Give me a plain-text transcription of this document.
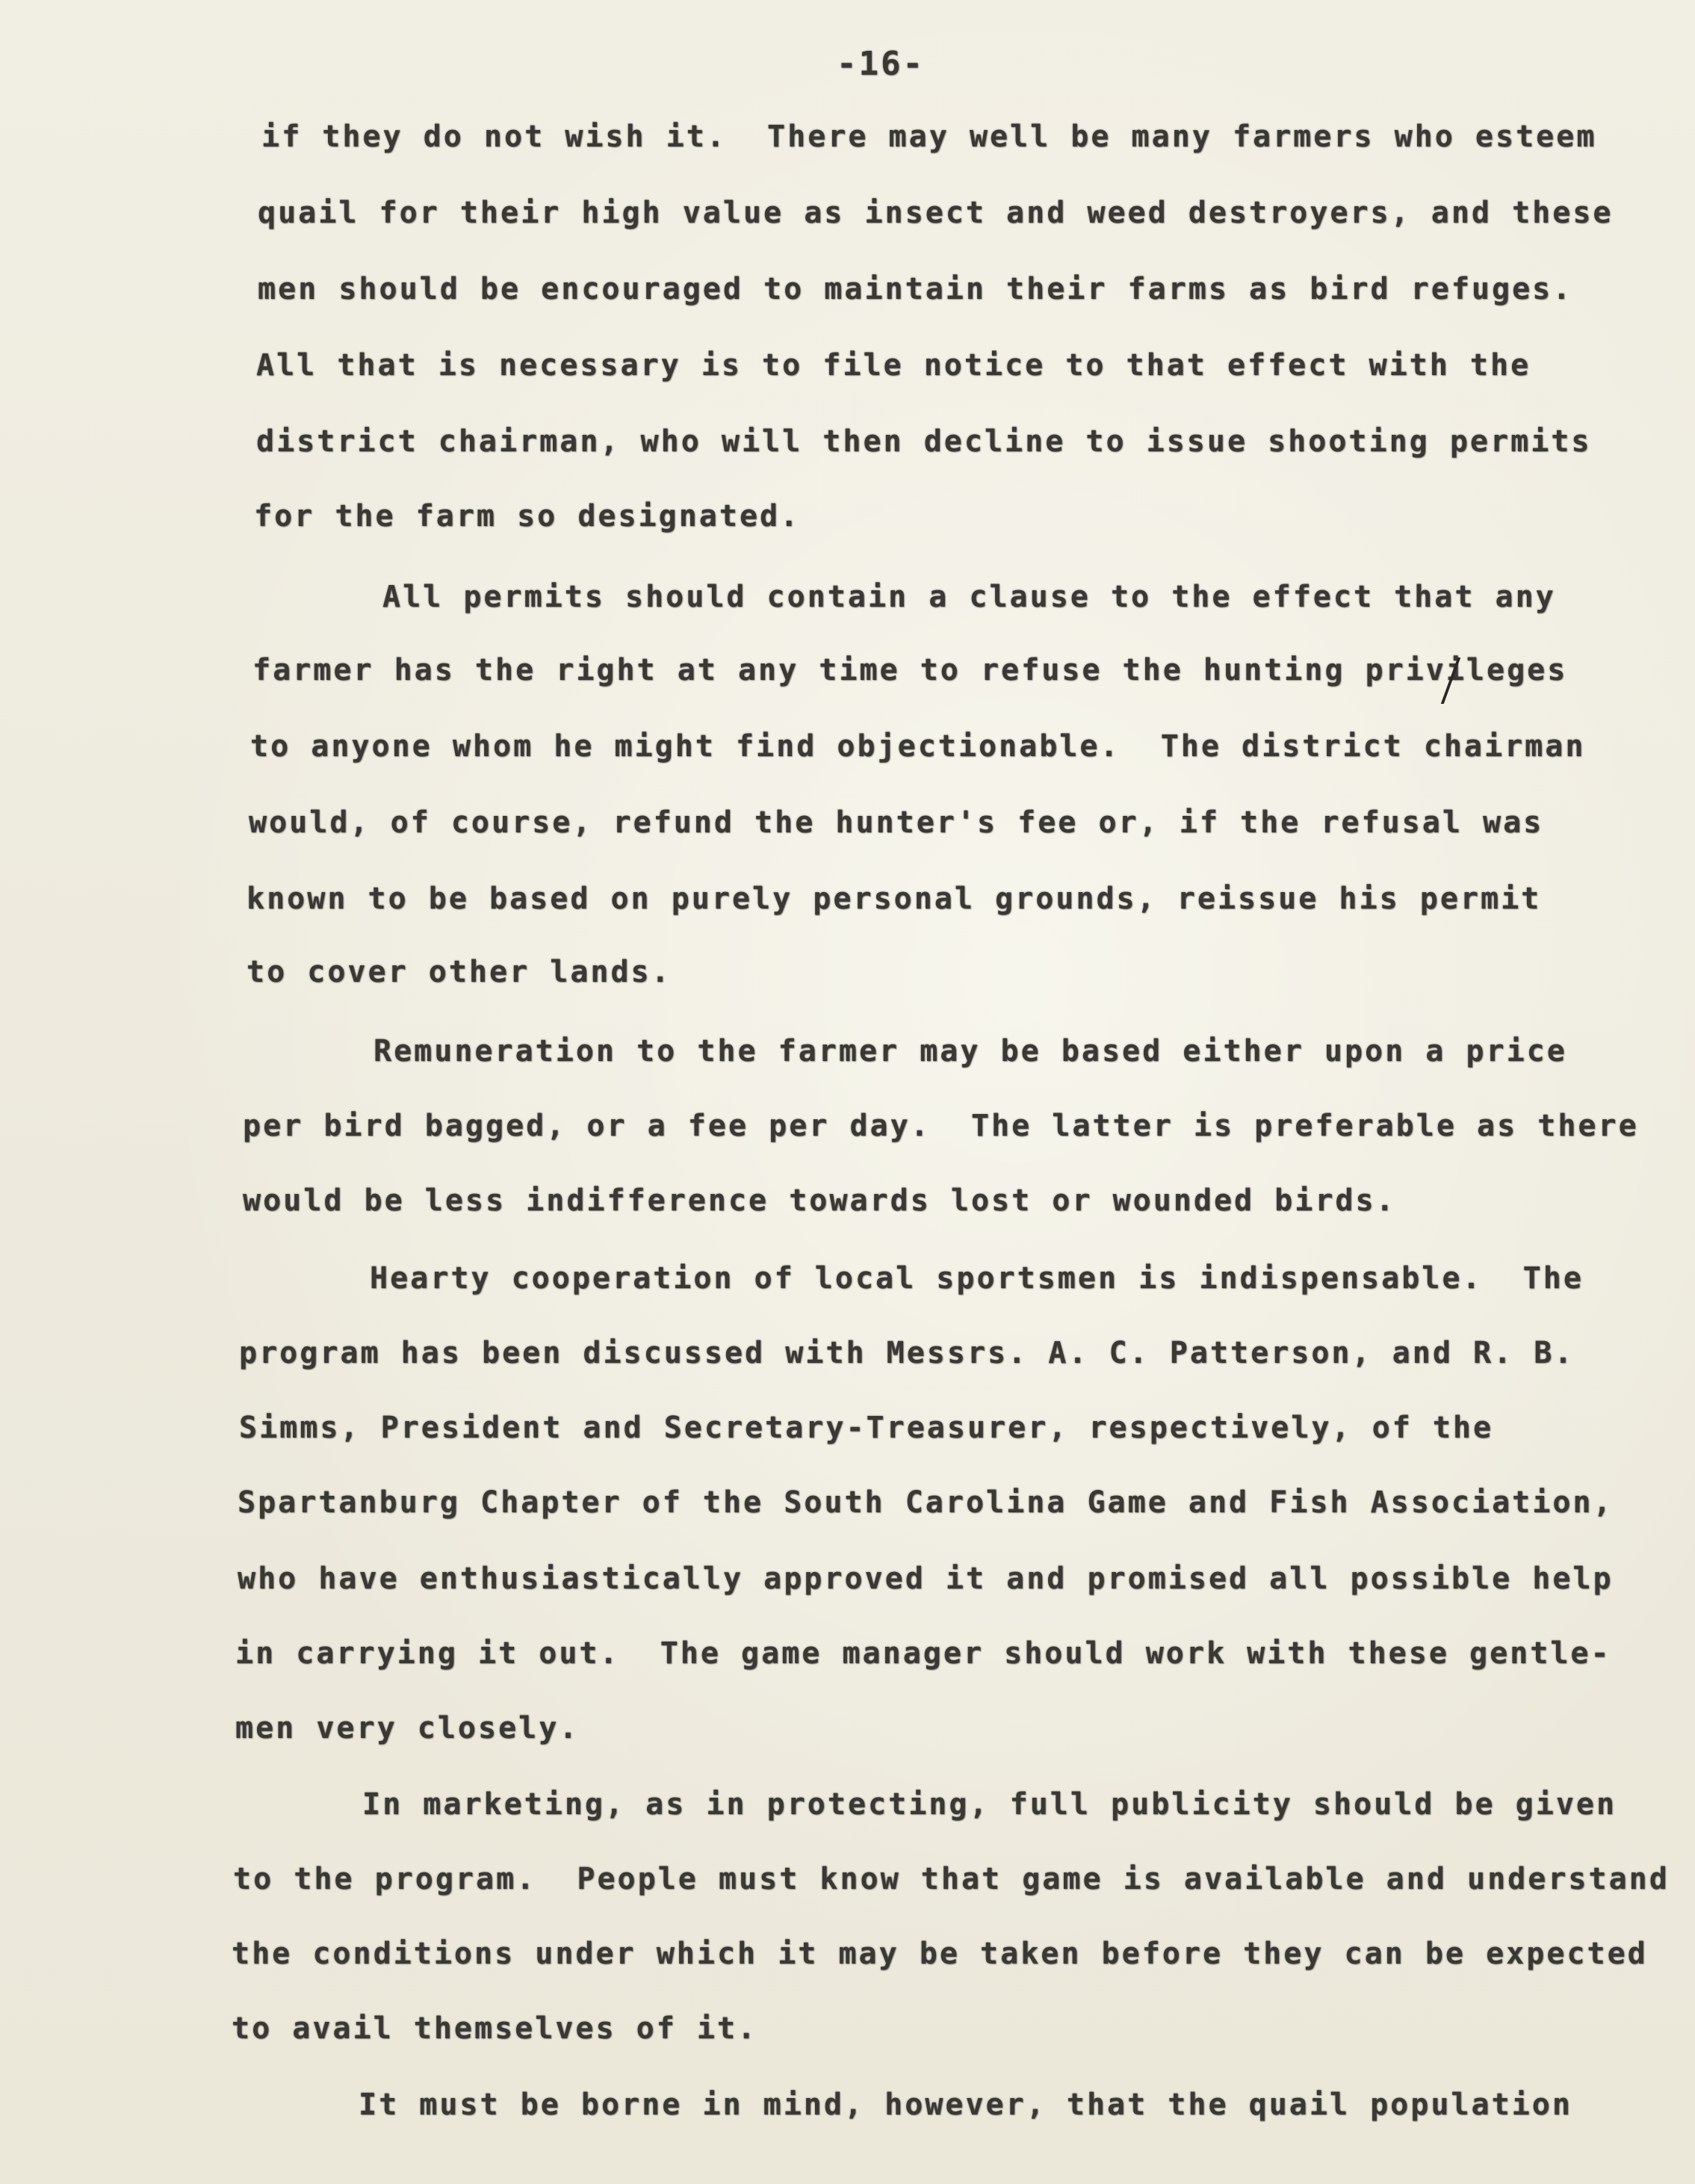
-16-
if they do not wish it.  There may well be many farmers who esteem
quail for their high value as insect and weed destroyers, and these
men should be encouraged to maintain their farms as bird refuges.
All that is necessary is to file notice to that effect with the
district chairman, who will then decline to issue shooting permits
for the farm so designated.
All permits should contain a clause to the effect that any
farmer has the right at any time to refuse the hunting privileges
to anyone whom he might find objectionable.  The district chairman
would, of course, refund the hunter's fee or, if the refusal was
known to be based on purely personal grounds, reissue his permit
to cover other lands.
Remuneration to the farmer may be based either upon a price
per bird bagged, or a fee per day.  The latter is preferable as there
would be less indifference towards lost or wounded birds.
Hearty cooperation of local sportsmen is indispensable.  The
program has been discussed with Messrs. A. C. Patterson, and R. B.
Simms, President and Secretary-Treasurer, respectively, of the
Spartanburg Chapter of the South Carolina Game and Fish Association,
who have enthusiastically approved it and promised all possible help
in carrying it out.  The game manager should work with these gentle-
men very closely.
In marketing, as in protecting, full publicity should be given
to the program.  People must know that game is available and understand
the conditions under which it may be taken before they can be expected
to avail themselves of it.
It must be borne in mind, however, that the quail population
